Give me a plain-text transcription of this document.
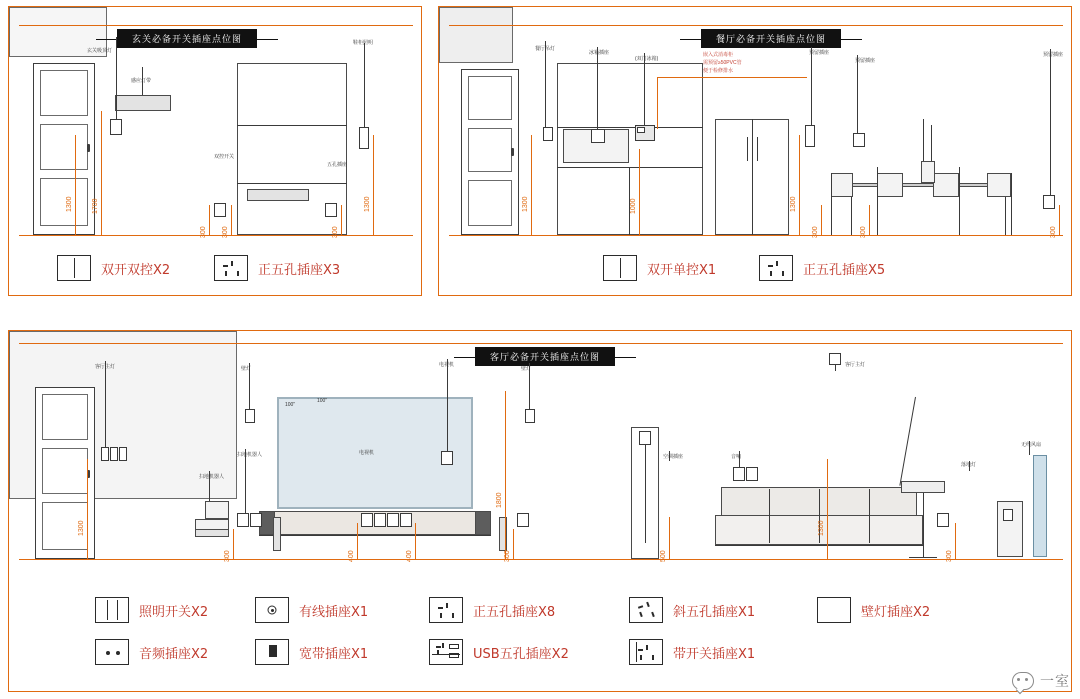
玄关必备开关插座点位图
玄关吸顶灯
感应灯带
鞋柜照明
双控开关
五孔插座
1300	1700	1300
300 300	300
双开双控X2	正五孔插座X3
餐厅必备开关插座点位图
餐厅吊灯
冰箱插座
(双门冰箱)
预留插座
预留插座
预留插座
嵌入式消毒柜
需预留≥50PVC管
便于检修排水
1300	1000	1300
300	300	300
双开单控X1	正五孔插座X5
客厅必备开关插座点位图
100"
电视机
客厅主灯	壁灯	壁灯
电视机	客厅主灯
扫地机器人
扫地机器人
空调插座	音响
落地灯
无线风扇
100"
1300
1800
300	400	400	300	500	300
1300
照明开关X2
音频插座X2
有线插座X1
宽带插座X1
正五孔插座X8
USB五孔插座X2
斜五孔插座X1
带开关插座X1
壁灯插座X2
一室
